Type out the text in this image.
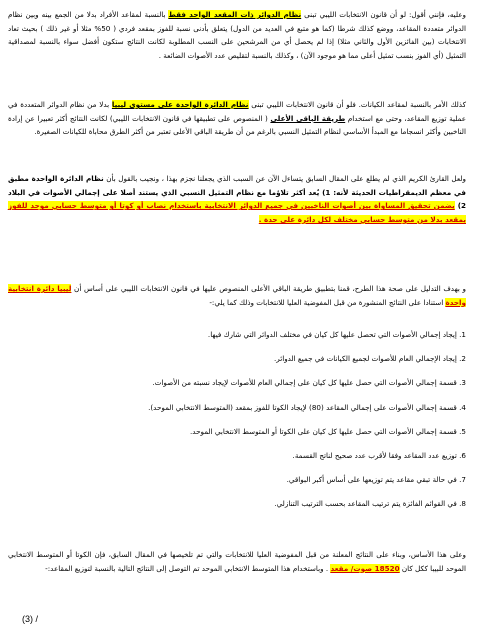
وعليه، فإنني أقول: لو أن قانون الانتخابات الليبي تبنى نظام الدوائر ذات المقعد الواحد فقط بالنسبة لمقاعد الأفراد بدلا من الجمع بينه وبين نظام الدوائر متعددة المقاعد، ووضع كذلك شرطا (كما هو متبع في العديد من الدول) يتعلق بأدنى نسبة للفوز بمقعد فردي ( 50% مثلا أو غير ذلك ) بحيث تعاد الانتخابات (بين الفائزين الأول والثاني مثلا) إذا لم يحصل أي من المرشحين على النسب المطلوبة لكانت النتائج ستكون أفضل سواء بالنسبة لمصداقية التمثيل (أي الفوز بنسب تمثيل أعلى مما هو موجود الآن) ، وكذلك بالنسبة لتقليص عدد الأصوات الضائعة .

كذلك الأمر بالنسبة لمقاعد الكيانات. فلو أن قانون الانتخابات الليبي تبنى نظام الدائرة الواحدة على مستوى ليبيا بدلا من نظام الدوائر المتعددة في عملية توزيع المقاعد، وحتى مع استخدام طريقة الباقي الأعلى ( المنصوص على تطبيقها في قانون الانتخابات الليبي) لكانت النتائج أكثر تعبيرا عن إرادة الناخبين وأكثر انسجاما مع المبدأ الأساسي لنظام التمثيل النسبي بالرغم من أن طريقة الباقي الأعلى تعتبر من أكثر الطرق محاباة للكيانات الصغيرة.

ولعل القارئ الكريم الذي لم يطلع على المقال السابق يتساءل الآن عن السبب الذي يجعلنا نجزم بهذا ، ونجيب بالقول بأن نظام الدائرة الواحدة مطبق في معظم الديمقراطيات الحديثة لأنه: 1) يُعد أكثر تلاؤما مع نظام التمثيل النسبي الذي يستند أصلا على إجمالي الأصوات في البلاد 2) يضمن تحقيق المساواة بين أصوات الناخبين في جميع الدوائر الانتخابية باستخدام نصاب أو كوتا أو متوسط حسابي موحد للفوز بمقعد بدلا من متوسط حسابي مختلف لكل دائرة على حدة .

و بهدف التدليل على صحة هذا الطرح، قمنا بتطبيق طريقة الباقي الأعلى المنصوص عليها في قانون الانتخابات الليبي على أساس أن ليبيا دائرة انتخابية واحدة استنادا على النتائج المنشورة من قبل المفوضية العليا للانتخابات وذلك كما يلي:-

1. إيجاد إجمالي الأصوات التي تحصل عليها كل كيان في مختلف الدوائر التي شارك فيها.
2. إيجاد الإجمالي العام للأصوات لجميع الكيانات في جميع الدوائر.
3. قسمة إجمالي الأصوات التي حصل عليها كل كيان على إجمالي العام للأصوات لإيجاد نسبته من الأصوات.
4. قسمة إجمالي الأصوات على إجمالي المقاعد (80) لإيجاد الكوتا للفوز بمقعد (المتوسط الانتخابي الموحد).
5. قسمة إجمالي الأصوات التي حصل عليها كل كيان على الكوتا أو المتوسط الانتخابي الموحد.
6. توزيع عدد المقاعد وفقا لأقرب عدد صحيح لناتج القسمة.
7. في حالة تبقي مقاعد يتم توزيعها على أساس أكبر البواقي.
8. في القوائم الفائزة يتم ترتيب المقاعد بحسب الترتيب التنازلي.

وعلى هذا الأساس، وبناء على النتائج المعلنة من قبل المفوضية العليا للانتخابات والتي تم تلخيصها في المقال السابق، فإن الكوتا أو المتوسط الانتخابي الموحد للبيبا ككل كان 18520 صوت/ مقعد . وباستخدام هذا المتوسط الانتخابي الموحد تم التوصل إلى النتائج التالية بالنسبة لتوزيع المقاعد:-

(3) /
